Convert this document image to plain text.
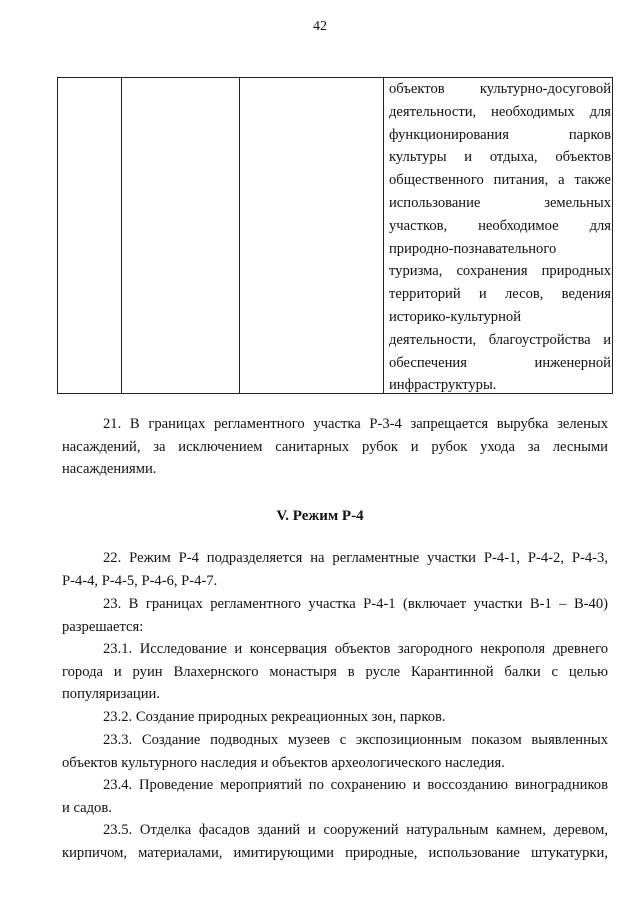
42
объектов культурно-досуговой
деятельности, необходимых для
функционирования парков
культуры и отдыха, объектов
общественного питания, а также
использование земельных
участков, необходимое для
природно-познавательного
туризма, сохранения природных
территорий и лесов, ведения
историко-культурной
деятельности, благоустройства и
обеспечения инженерной
инфраструктуры.
21. В границах регламентного участка Р-3-4 запрещается вырубка зеленых
насаждений, за исключением санитарных рубок и рубок ухода за лесными
насаждениями.
V. Режим Р-4
22. Режим Р-4 подразделяется на регламентные участки Р-4-1, Р-4-2, Р-4-3,
Р-4-4, Р-4-5, Р-4-6, Р-4-7.
23. В границах регламентного участка Р-4-1 (включает участки В-1 – В-40)
разрешается:
23.1. Исследование и консервация объектов загородного некрополя древнего
города и руин Влахернского монастыря в русле Карантинной балки с целью
популяризации.
23.2. Создание природных рекреационных зон, парков.
23.3. Создание подводных музеев с экспозиционным показом выявленных
объектов культурного наследия и объектов археологического наследия.
23.4. Проведение мероприятий по сохранению и воссозданию виноградников
и садов.
23.5. Отделка фасадов зданий и сооружений натуральным камнем, деревом,
кирпичом, материалами, имитирующими природные, использование штукатурки,
